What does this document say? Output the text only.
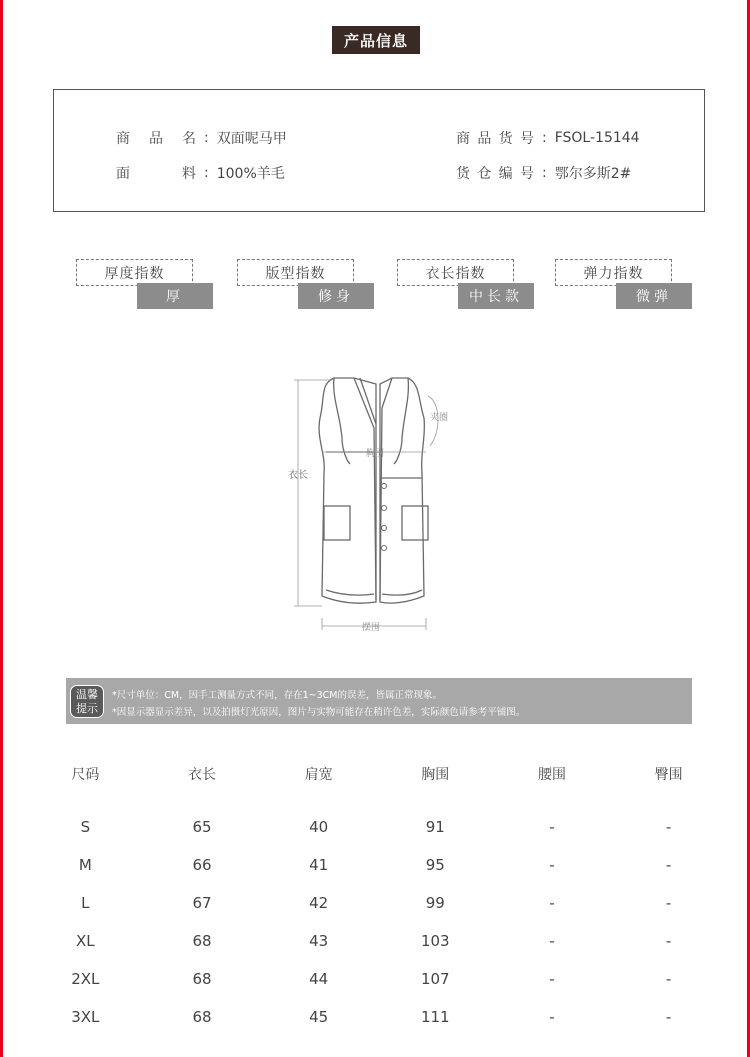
产品信息
商 品 名 : 双面呢马甲
面　　料 : 100%羊毛
商 品 货 号 : FSOL-15144
货 仓 编 号 : 鄂尔多斯2#
厚度指数
厚
版型指数
修身
衣长指数
中长款
弹力指数
微弹
衣长
胸围
夹圈
摆围
温馨
提示
*尺寸单位：CM，因手工测量方式不同，存在1~3CM的误差，皆属正常现象。
*因显示器显示差异，以及拍摄灯光原因，图片与实物可能存在稍许色差，实际颜色请参考平铺图。
尺码	衣长	肩宽	胸围	腰围	臀围
S	65	40	91	-	-
M	66	41	95	-	-
L	67	42	99	-	-
XL	68	43	103	-	-
2XL	68	44	107	-	-
3XL	68	45	111	-	-
